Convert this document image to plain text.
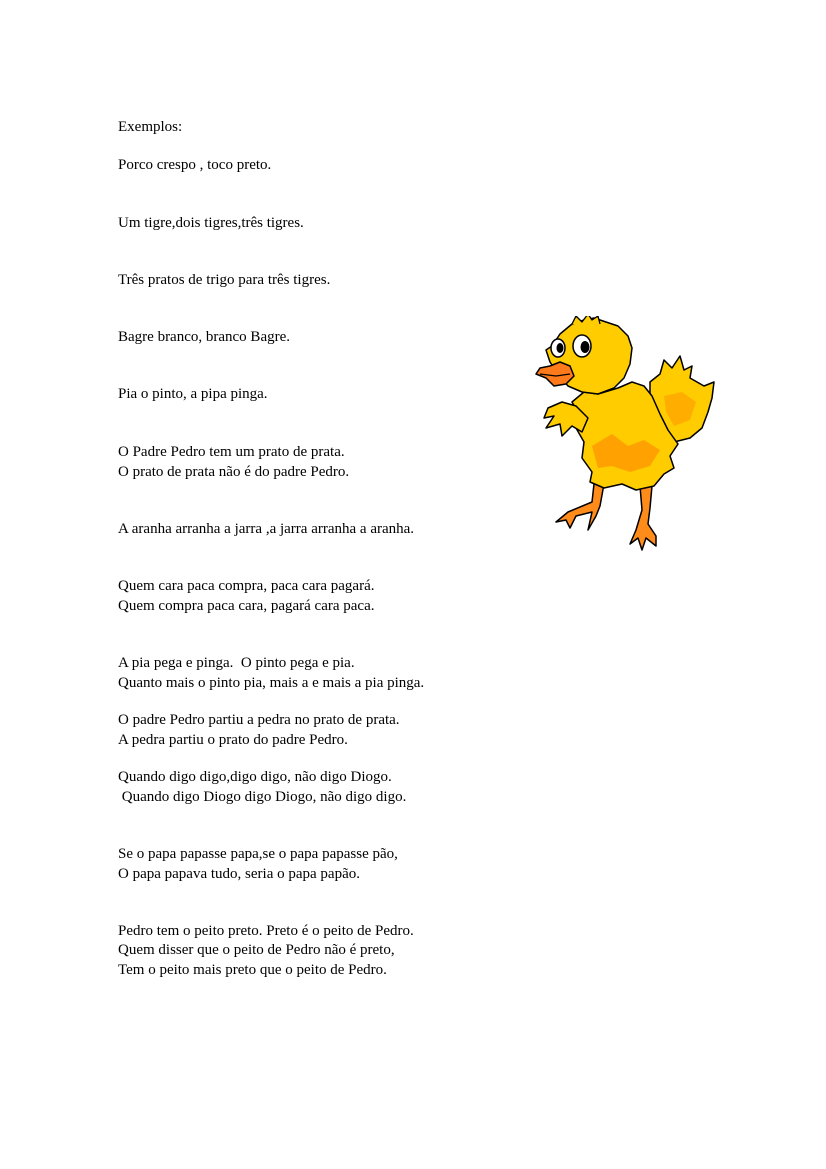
Exemplos:

Porco crespo , toco preto.

Um tigre,dois tigres,três tigres.

Três pratos de trigo para três tigres.

Bagre branco, branco Bagre.

Pia o pinto, a pipa pinga.

O Padre Pedro tem um prato de prata.

O prato de prata não é do padre Pedro.

A aranha arranha a jarra ,a jarra arranha a aranha.

Quem cara paca compra, paca cara pagará.

Quem compra paca cara, pagará cara paca.

A pia pega e pinga.  O pinto pega e pia.

Quanto mais o pinto pia, mais a e mais a pia pinga.

O padre Pedro partiu a pedra no prato de prata.

A pedra partiu o prato do padre Pedro.

Quando digo digo,digo digo, não digo Diogo.

Quando digo Diogo digo Diogo, não digo digo.

Se o papa papasse papa,se o papa papasse pão,

O papa papava tudo, seria o papa papão.

Pedro tem o peito preto. Preto é o peito de Pedro.

Quem disser que o peito de Pedro não é preto,

Tem o peito mais preto que o peito de Pedro.
